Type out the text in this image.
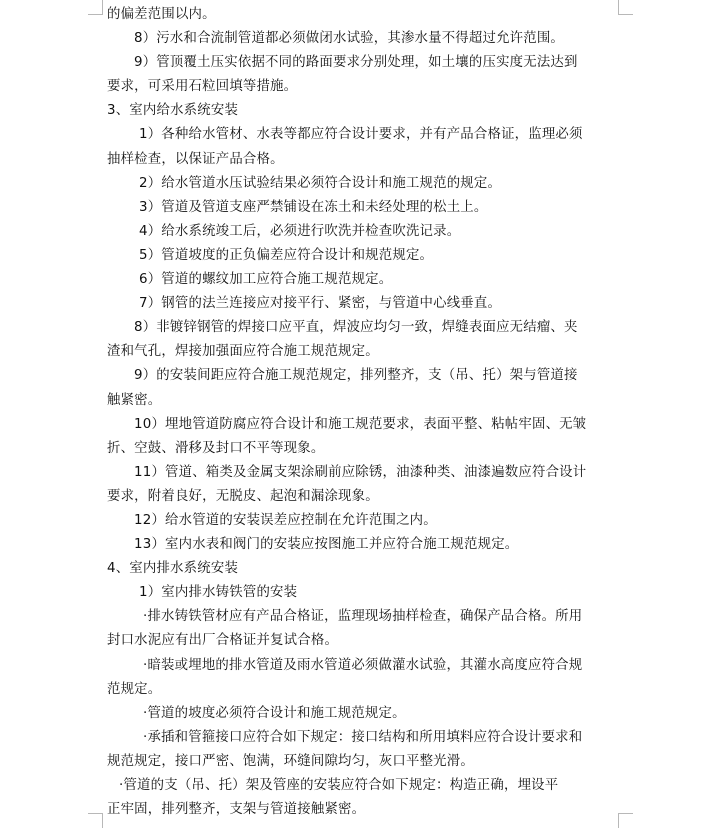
的偏差范围以内。
8）污水和合流制管道都必须做闭水试验，其渗水量不得超过允许范围。
9）管顶覆土压实依据不同的路面要求分别处理，如土壤的压实度无法达到
要求，可采用石粒回填等措施。
3、室内给水系统安装
1）各种给水管材、水表等都应符合设计要求，并有产品合格证，监理必须
抽样检查，以保证产品合格。
2）给水管道水压试验结果必须符合设计和施工规范的规定。
3）管道及管道支座严禁铺设在冻土和未经处理的松土上。
4）给水系统竣工后，必须进行吹洗并检查吹洗记录。
5）管道坡度的正负偏差应符合设计和规范规定。
6）管道的螺纹加工应符合施工规范规定。
7）钢管的法兰连接应对接平行、紧密，与管道中心线垂直。
8）非镀锌钢管的焊接口应平直，焊波应均匀一致，焊缝表面应无结瘤、夹
渣和气孔，焊接加强面应符合施工规范规定。
9）的安装间距应符合施工规范规定，排列整齐，支（吊、托）架与管道接
触紧密。
10）埋地管道防腐应符合设计和施工规范要求，表面平整、粘帖牢固、无皱
折、空鼓、滑移及封口不平等现象。
11）管道、箱类及金属支架涂刷前应除锈，油漆种类、油漆遍数应符合设计
要求，附着良好，无脱皮、起泡和漏涂现象。
12）给水管道的安装误差应控制在允许范围之内。
13）室内水表和阀门的安装应按图施工并应符合施工规范规定。
4、室内排水系统安装
1）室内排水铸铁管的安装
·排水铸铁管材应有产品合格证，监理现场抽样检查，确保产品合格。所用
封口水泥应有出厂合格证并复试合格。
·暗装或埋地的排水管道及雨水管道必须做灌水试验，其灌水高度应符合规
范规定。
·管道的坡度必须符合设计和施工规范规定。
·承插和管箍接口应符合如下规定：接口结构和所用填料应符合设计要求和
规范规定，接口严密、饱满，环缝间隙均匀，灰口平整光滑。
·管道的支（吊、托）架及管座的安装应符合如下规定：构造正确，埋设平
正牢固，排列整齐，支架与管道接触紧密。
